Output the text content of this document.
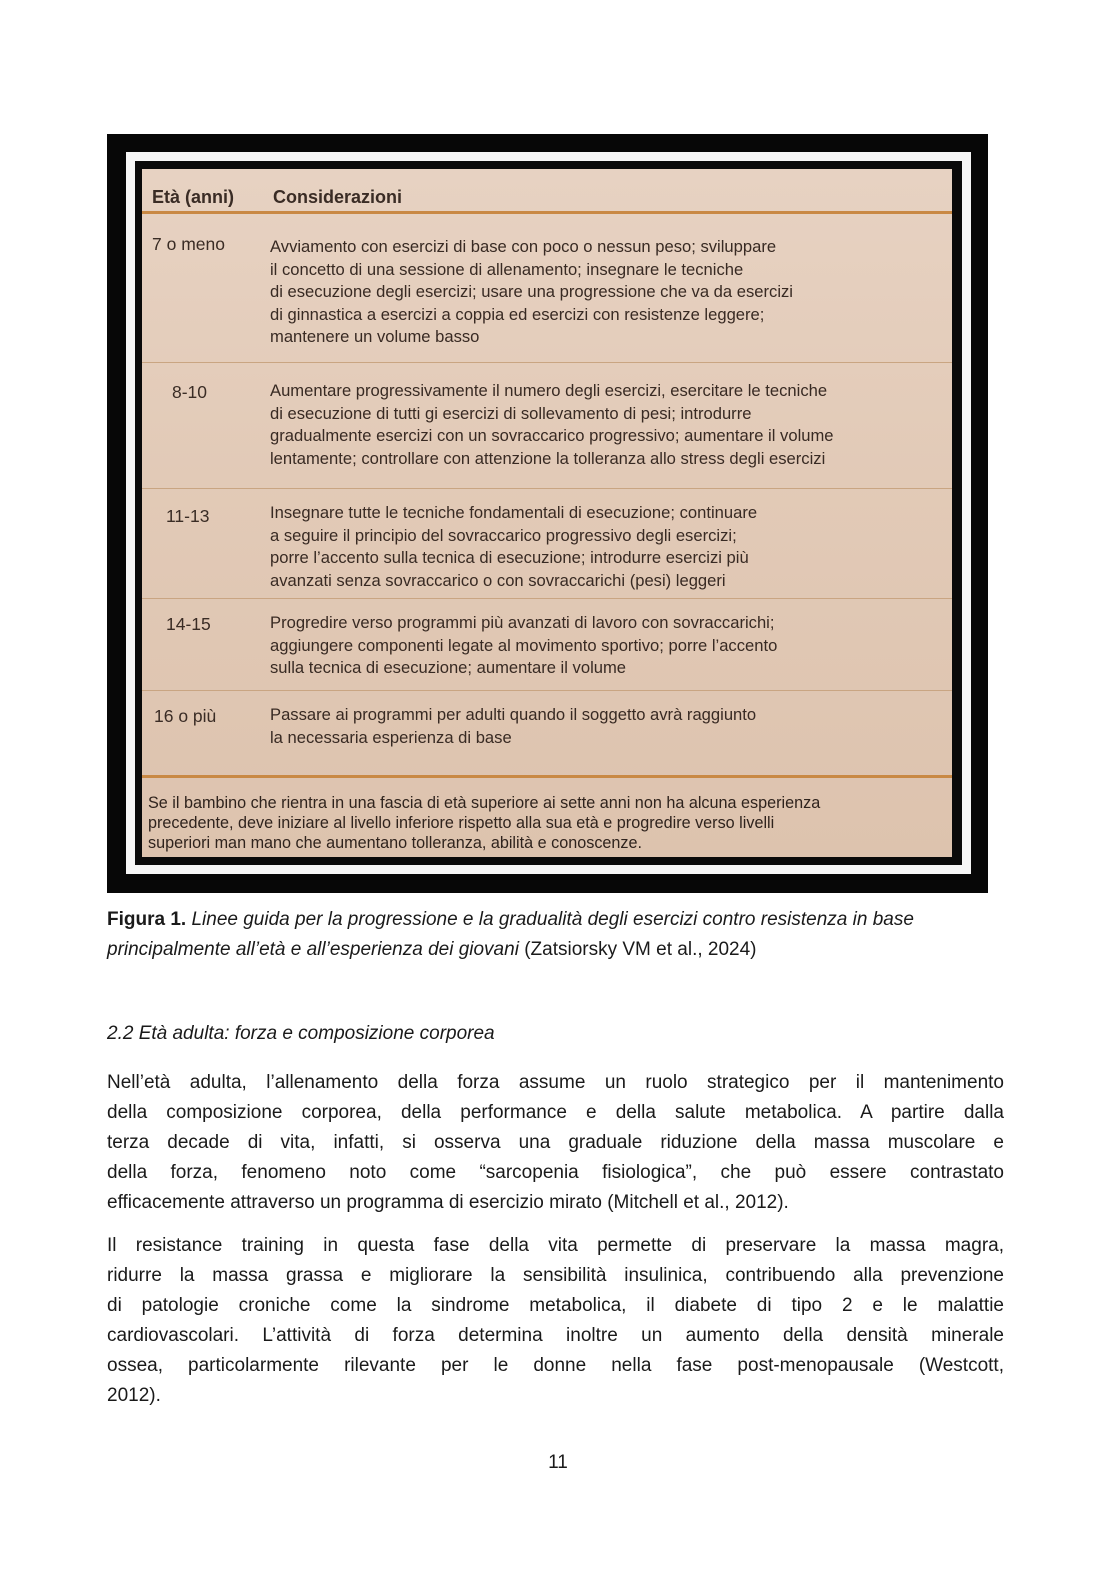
Età (anni) Considerazioni
7 o meno	Avviamento con esercizi di base con poco o nessun peso; sviluppare
il concetto di una sessione di allenamento; insegnare le tecniche
di esecuzione degli esercizi; usare una progressione che va da esercizi
di ginnastica a esercizi a coppia ed esercizi con resistenze leggere;
mantenere un volume basso
8-10	Aumentare progressivamente il numero degli esercizi, esercitare le tecniche
di esecuzione di tutti gi esercizi di sollevamento di pesi; introdurre
gradualmente esercizi con un sovraccarico progressivo; aumentare il volume
lentamente; controllare con attenzione la tolleranza allo stress degli esercizi
11-13	Insegnare tutte le tecniche fondamentali di esecuzione; continuare
a seguire il principio del sovraccarico progressivo degli esercizi;
porre l’accento sulla tecnica di esecuzione; introdurre esercizi più
avanzati senza sovraccarico o con sovraccarichi (pesi) leggeri
14-15	Progredire verso programmi più avanzati di lavoro con sovraccarichi;
aggiungere componenti legate al movimento sportivo; porre l’accento
sulla tecnica di esecuzione; aumentare il volume
16 o più	Passare ai programmi per adulti quando il soggetto avrà raggiunto
la necessaria esperienza di base
Se il bambino che rientra in una fascia di età superiore ai sette anni non ha alcuna esperienza
precedente, deve iniziare al livello inferiore rispetto alla sua età e progredire verso livelli
superiori man mano che aumentano tolleranza, abilità e conoscenze.
Figura 1. Linee guida per la progressione e la gradualità degli esercizi contro resistenza in base principalmente all’età e all’esperienza dei giovani (Zatsiorsky VM et al., 2024)
2.2 Età adulta: forza e composizione corporea
Nell’età adulta, l’allenamento della forza assume un ruolo strategico per il mantenimento
della composizione corporea, della performance e della salute metabolica. A partire dalla
terza decade di vita, infatti, si osserva una graduale riduzione della massa muscolare e
della forza, fenomeno noto come “sarcopenia fisiologica”, che può essere contrastato
efficacemente attraverso un programma di esercizio mirato (Mitchell et al., 2012).
Il resistance training in questa fase della vita permette di preservare la massa magra,
ridurre la massa grassa e migliorare la sensibilità insulinica, contribuendo alla prevenzione
di patologie croniche come la sindrome metabolica, il diabete di tipo 2 e le malattie
cardiovascolari. L’attività di forza determina inoltre un aumento della densità minerale
ossea, particolarmente rilevante per le donne nella fase post-menopausale (Westcott,
2012).
11
